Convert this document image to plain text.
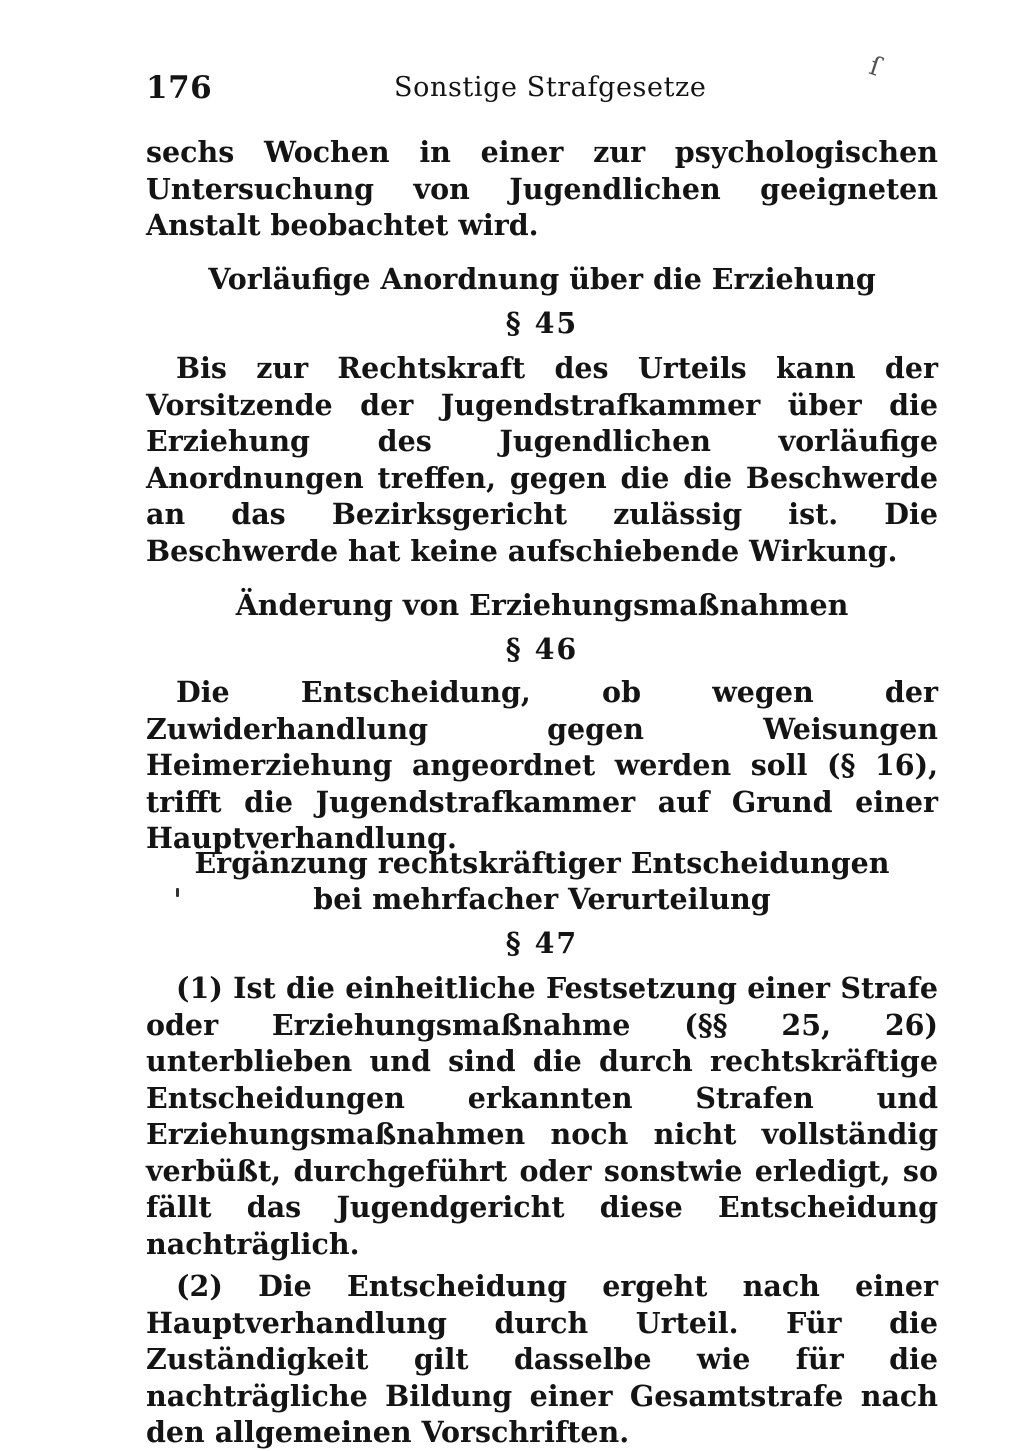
176	Sonstige Strafgesetze
ſ

sechs Wochen in einer zur psychologischen Untersuchung von Jugendlichen geeigneten Anstalt beobachtet wird.

Vorläufige Anordnung über die Erziehung
§ 45

Bis zur Rechtskraft des Urteils kann der Vorsitzende der Jugendstrafkammer über die Erziehung des Jugendlichen vorläufige Anordnungen treffen, gegen die die Beschwerde an das Bezirksgericht zulässig ist. Die Beschwerde hat keine aufschiebende Wirkung.

Änderung von Erziehungsmaßnahmen
§ 46

Die Entscheidung, ob wegen der Zuwiderhandlung gegen Weisungen Heimerziehung angeordnet werden soll (§ 16), trifft die Jugendstrafkammer auf Grund einer Hauptverhandlung.

Ergänzung rechtskräftiger Entscheidungen
bei mehrfacher Verurteilung
§ 47

(1) Ist die einheitliche Festsetzung einer Strafe oder Erziehungsmaßnahme (§§ 25, 26) unterblieben und sind die durch rechtskräftige Entscheidungen erkannten Strafen und Erziehungsmaßnahmen noch nicht vollständig verbüßt, durchgeführt oder sonstwie erledigt, so fällt das Jugendgericht diese Entscheidung nachträglich.

(2) Die Entscheidung ergeht nach einer Hauptverhandlung durch Urteil. Für die Zuständigkeit gilt dasselbe wie für die nachträgliche Bildung einer Gesamtstrafe nach den allgemeinen Vorschriften.
